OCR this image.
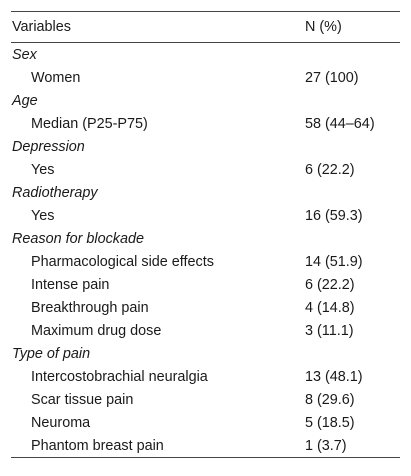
Variables	N (%)
Sex	
Women	27 (100)
Age	
Median (P25-P75)	58 (44–64)
Depression	
Yes	6 (22.2)
Radiotherapy	
Yes	16 (59.3)
Reason for blockade	
Pharmacological side effects	14 (51.9)
Intense pain	6 (22.2)
Breakthrough pain	4 (14.8)
Maximum drug dose	3 (11.1)
Type of pain	
Intercostobrachial neuralgia	13 (48.1)
Scar tissue pain	8 (29.6)
Neuroma	5 (18.5)
Phantom breast pain	1 (3.7)
